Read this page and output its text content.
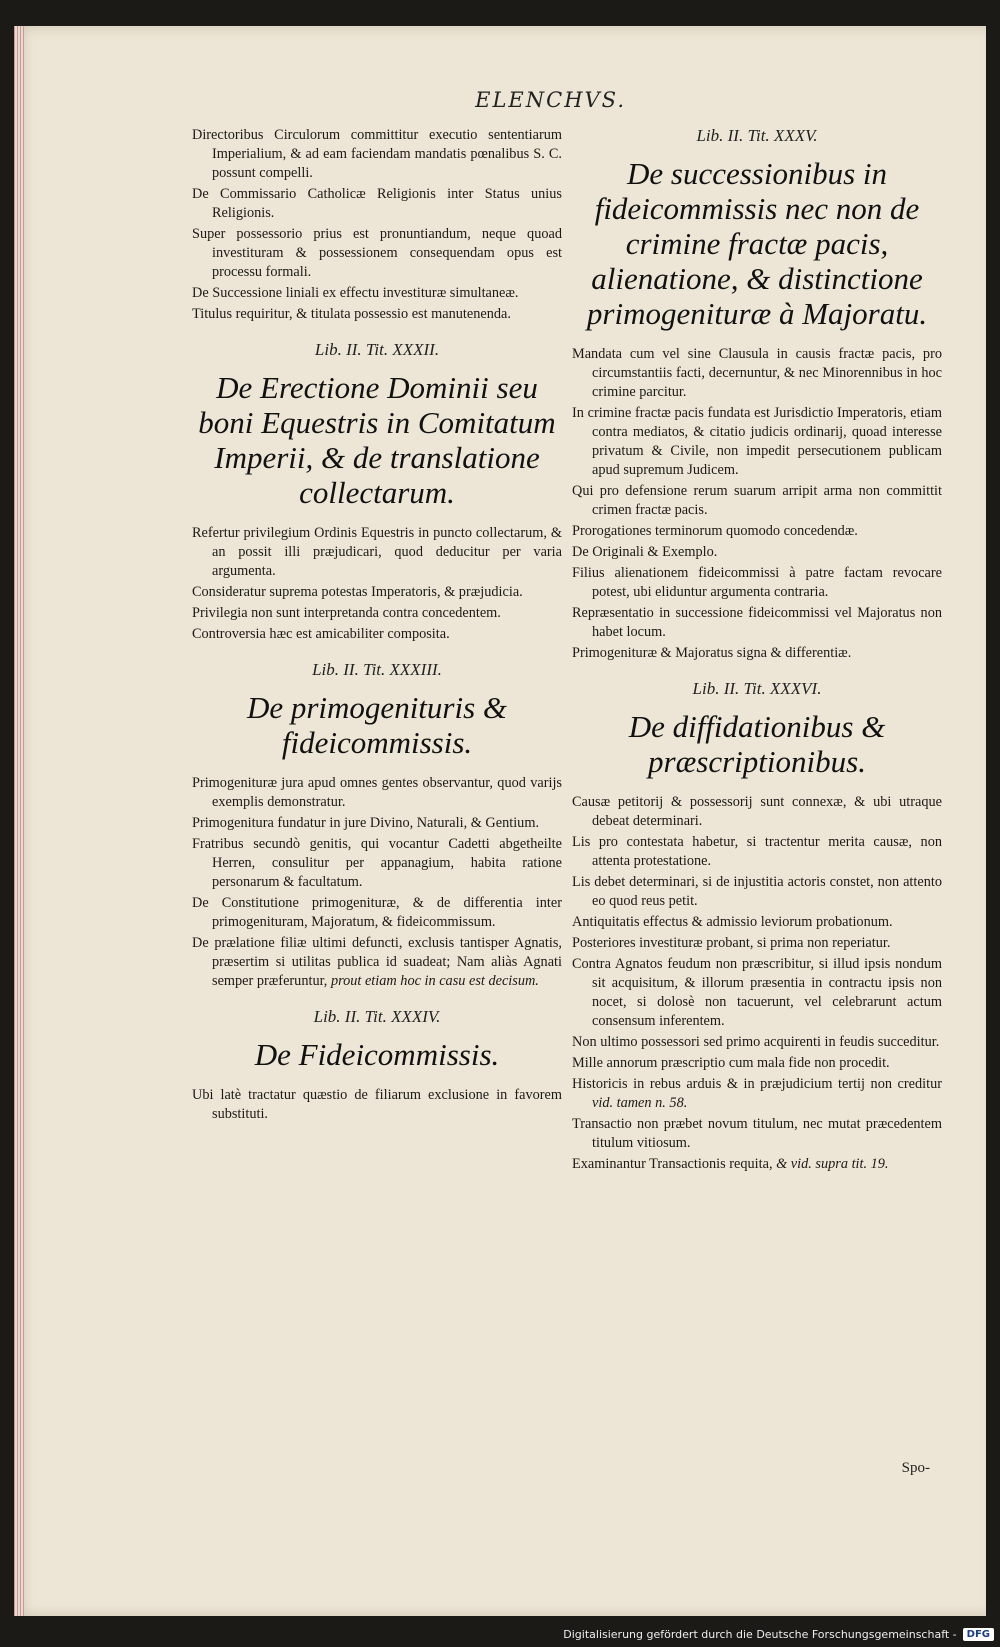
ELENCHVS.

Directoribus Circulorum committitur executio sententiarum Imperialium, & ad eam faciendam mandatis pœnalibus S. C. possunt compelli.

De Commissario Catholicæ Religionis inter Status unius Religionis.

Super possessorio prius est pronuntiandum, neque quoad investituram & possessionem consequendam opus est processu formali.

De Successione liniali ex effectu investituræ simultaneæ.

Titulus requiritur, & titulata possessio est manutenenda.

Lib. II. Tit. XXXII.
De Erectione Dominii seu boni Equestris in Comitatum Imperii, & de translatione collectarum.

Refertur privilegium Ordinis Equestris in puncto collectarum, & an possit illi præjudicari, quod deducitur per varia argumenta.

Consideratur suprema potestas Imperatoris, & præjudicia.

Privilegia non sunt interpretanda contra concedentem.

Controversia hæc est amicabiliter composita.

Lib. II. Tit. XXXIII.
De primogenituris & fideicommissis.

Primogenituræ jura apud omnes gentes observantur, quod varijs exemplis demonstratur.

Primogenitura fundatur in jure Divino, Naturali, & Gentium.

Fratribus secundò genitis, qui vocantur Cadetti abgetheilte Herren, consulitur per appanagium, habita ratione personarum & facultatum.

De Constitutione primogenituræ, & de differentia inter primogenituram, Majoratum, & fideicommissum.

De prælatione filiæ ultimi defuncti, exclusis tantisper Agnatis, præsertim si utilitas publica id suadeat; Nam aliàs Agnati semper præferuntur, prout etiam hoc in casu est decisum.

Lib. II. Tit. XXXIV.
De Fideicommissis.

Ubi latè tractatur quæstio de filiarum exclusione in favorem substituti.

Lib. II. Tit. XXXV.
De successionibus in fideicommissis nec non de crimine fractæ pacis, alienatione, & distinctione primogenituræ à Majoratu.

Mandata cum vel sine Clausula in causis fractæ pacis, pro circumstantiis facti, decernuntur, & nec Minorennibus in hoc crimine parcitur.

In crimine fractæ pacis fundata est Jurisdictio Imperatoris, etiam contra mediatos, & citatio judicis ordinarij, quoad interesse privatum & Civile, non impedit persecutionem publicam apud supremum Judicem.

Qui pro defensione rerum suarum arripit arma non committit crimen fractæ pacis.

Prorogationes terminorum quomodo concedendæ.

De Originali & Exemplo.

Filius alienationem fideicommissi à patre factam revocare potest, ubi eliduntur argumenta contraria.

Repræsentatio in successione fideicommissi vel Majoratus non habet locum.

Primogenituræ & Majoratus signa & differentiæ.

Lib. II. Tit. XXXVI.
De diffidationibus & præscriptionibus.

Causæ petitorij & possessorij sunt connexæ, & ubi utraque debeat determinari.

Lis pro contestata habetur, si tractentur merita causæ, non attenta protestatione.

Lis debet determinari, si de injustitia actoris constet, non attento eo quod reus petit.

Antiquitatis effectus & admissio leviorum probationum.

Posteriores investituræ probant, si prima non reperiatur.

Contra Agnatos feudum non præscribitur, si illud ipsis nondum sit acquisitum, & illorum præsentia in contractu ipsis non nocet, si dolosè non tacuerunt, vel celebrarunt actum consensum inferentem.

Non ultimo possessori sed primo acquirenti in feudis succeditur.

Mille annorum præscriptio cum mala fide non procedit.

Historicis in rebus arduis & in præjudicium tertij non creditur vid. tamen n. 58.

Transactio non præbet novum titulum, nec mutat præcedentem titulum vitiosum.

Examinantur Transactionis requita, & vid. supra tit. 19.

Spo-
Digitalisierung gefördert durch die Deutsche Forschungsgemeinschaft -	DFG
